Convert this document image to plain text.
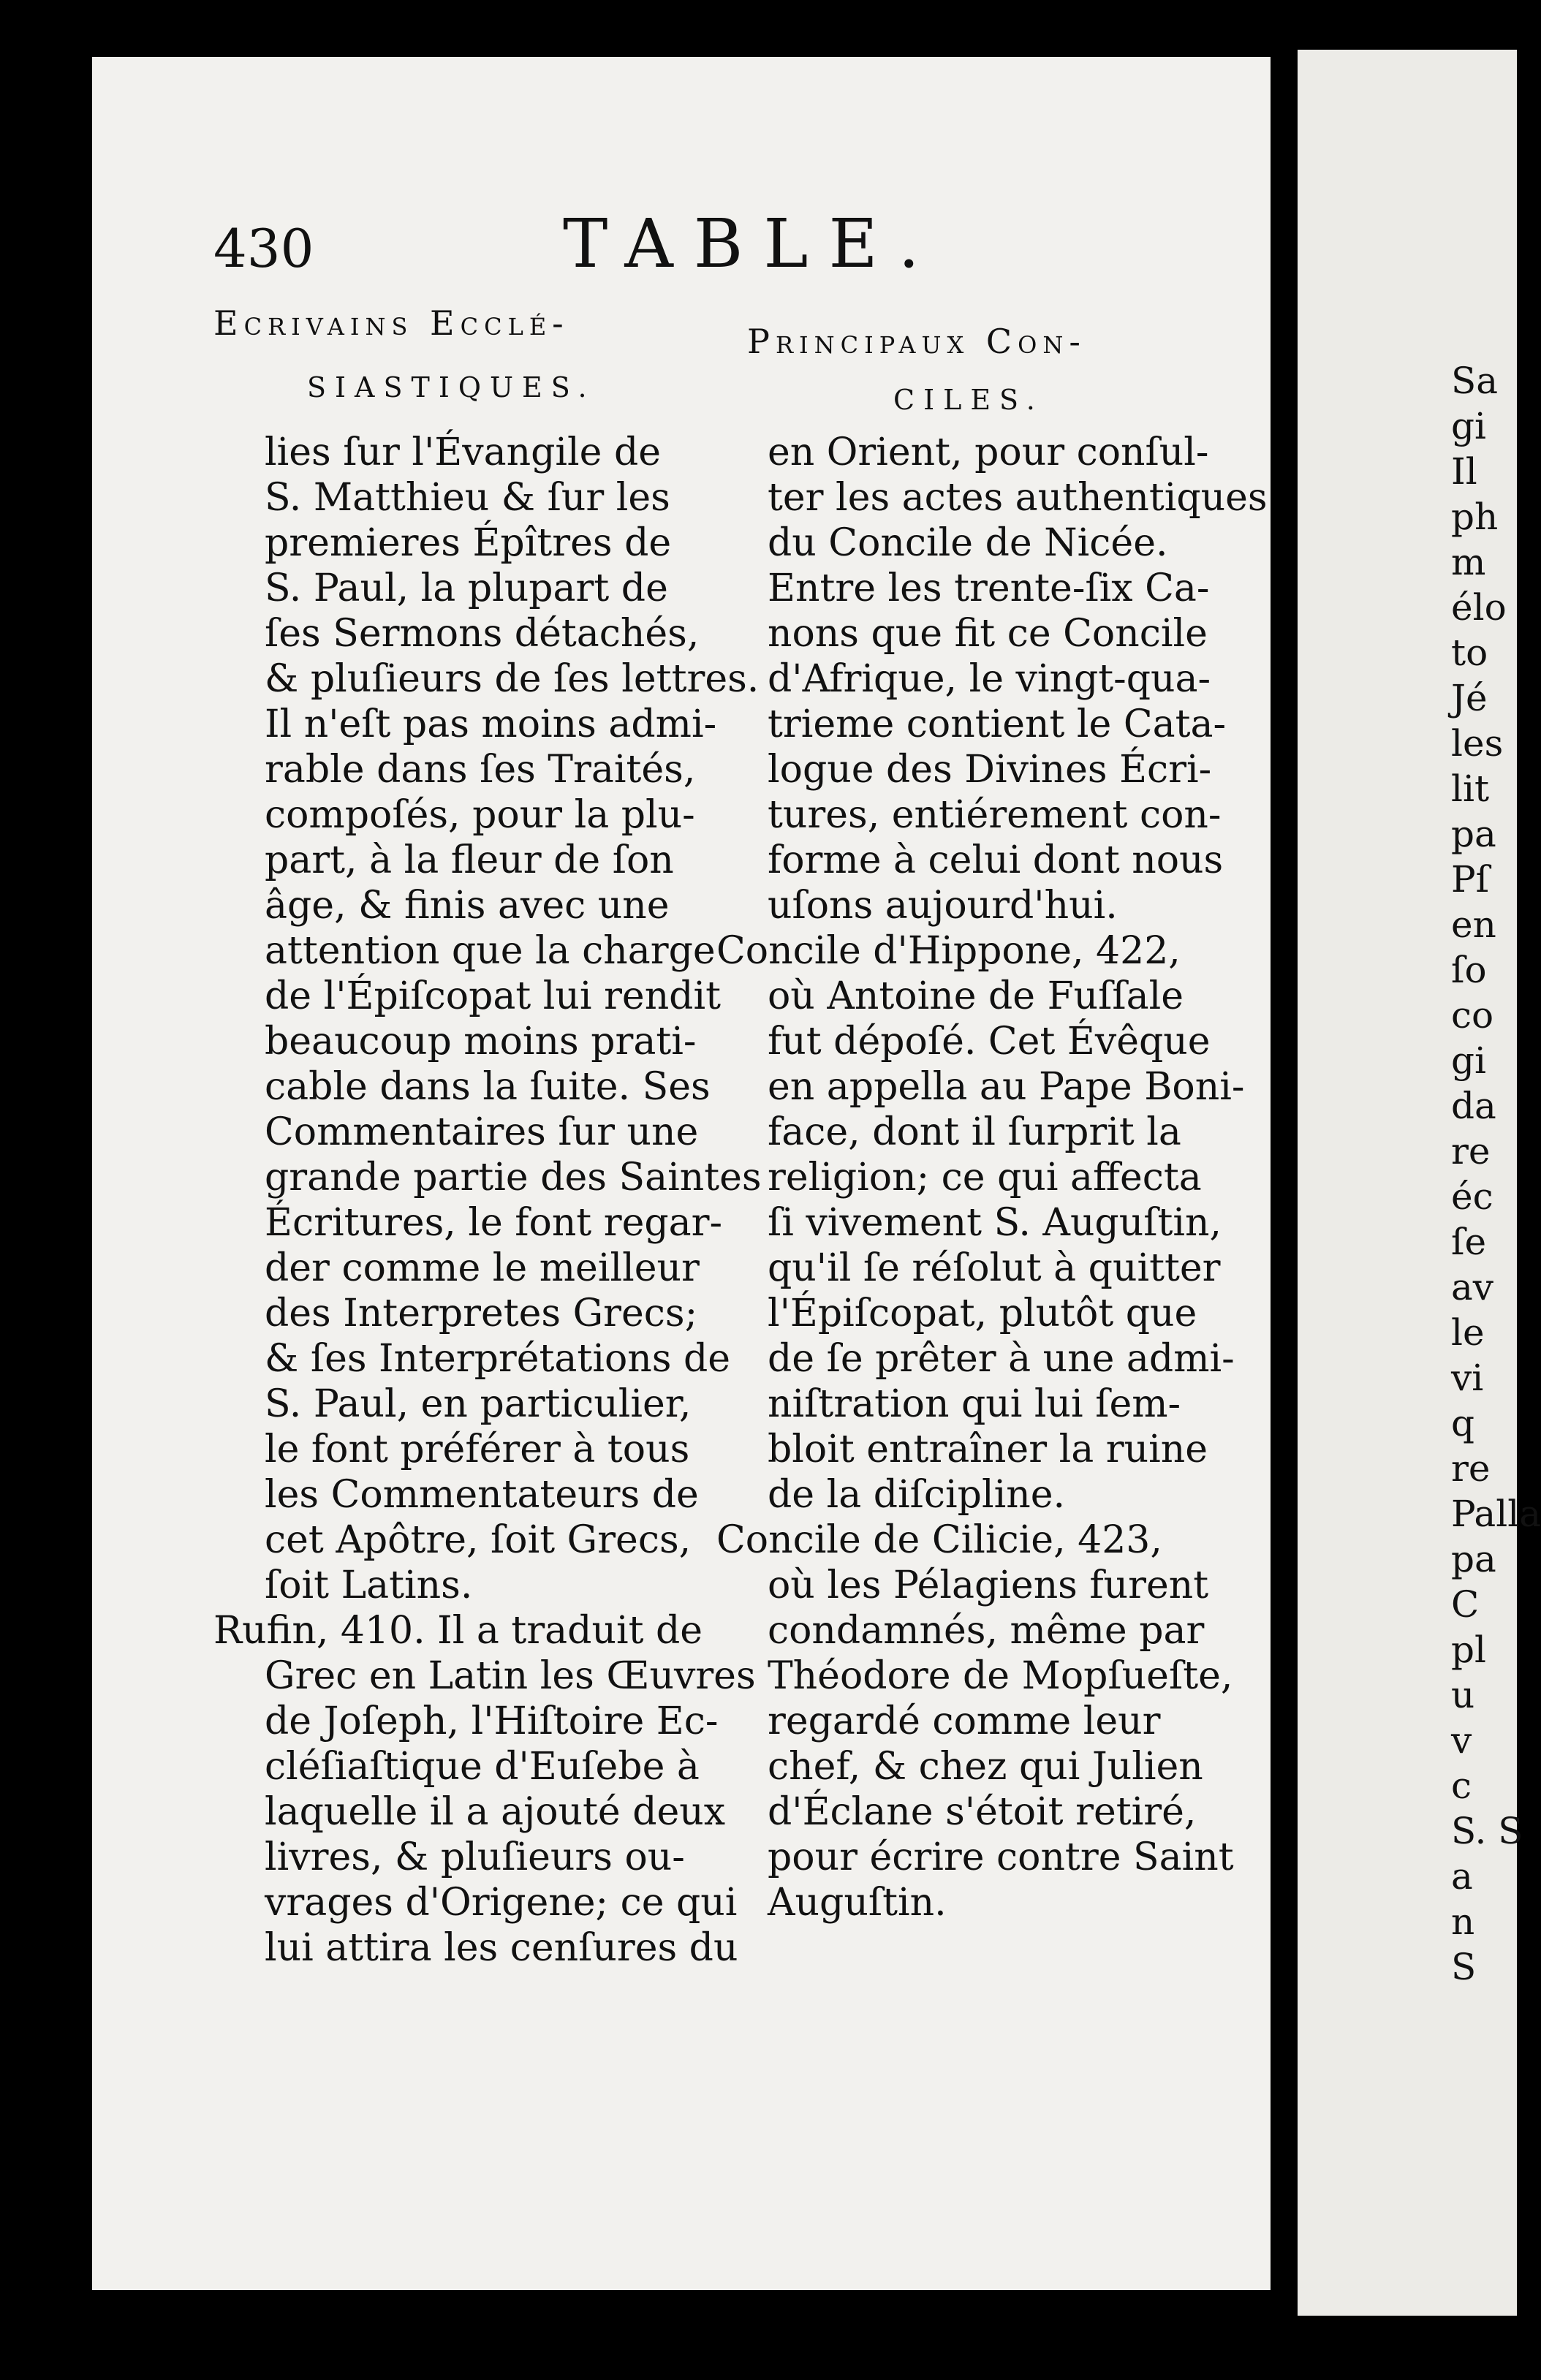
430	TABLE.
Ecrivains Ecclé-
SIASTIQUES.
Principaux Con-
CILES.
lies ſur l'Évangile de
S. Matthieu & ſur les
premieres Épîtres de
S. Paul, la plupart de
ſes Sermons détachés,
& pluſieurs de ſes lettres.
Il n'eſt pas moins admi-
rable dans ſes Traités,
compoſés, pour la plu-
part, à la fleur de ſon
âge, & finis avec une
attention que la charge
de l'Épiſcopat lui rendit
beaucoup moins prati-
cable dans la ſuite. Ses
Commentaires ſur une
grande partie des Saintes
Écritures, le font regar-
der comme le meilleur
des Interpretes Grecs;
& ſes Interprétations de
S. Paul, en particulier,
le font préférer à tous
les Commentateurs de
cet Apôtre, ſoit Grecs,
ſoit Latins.
Rufin, 410. Il a traduit de
Grec en Latin les Œuvres
de Joſeph, l'Hiſtoire Ec-
cléſiaſtique d'Euſebe à
laquelle il a ajouté deux
livres, & pluſieurs ou-
vrages d'Origene; ce qui
lui attira les cenſures du
en Orient, pour conſul-
ter les actes authentiques
du Concile de Nicée.
Entre les trente-ſix Ca-
nons que fit ce Concile
d'Afrique, le vingt-qua-
trieme contient le Cata-
logue des Divines Écri-
tures, entiérement con-
forme à celui dont nous
uſons aujourd'hui.
Concile d'Hippone, 422,
où Antoine de Fuſſale
fut dépoſé. Cet Évêque
en appella au Pape Boni-
face, dont il ſurprit la
religion; ce qui affecta
ſi vivement S. Auguſtin,
qu'il ſe réſolut à quitter
l'Épiſcopat, plutôt que
de ſe prêter à une admi-
niſtration qui lui ſem-
bloit entraîner la ruine
de la diſcipline.
Concile de Cilicie, 423,
où les Pélagiens furent
condamnés, même par
Théodore de Mopſueſte,
regardé comme leur
chef, & chez qui Julien
d'Éclane s'étoit retiré,
pour écrire contre Saint
Auguſtin.
Sa
gi
Il
ph
m
élo
to
Jé
les
lit
pa
Pſ
en
ſo
co
gi
da
re
éc
ſe
av
le
vi
q
re
Palla
pa
C
pl
u
v
c
S. S
a
n
S
